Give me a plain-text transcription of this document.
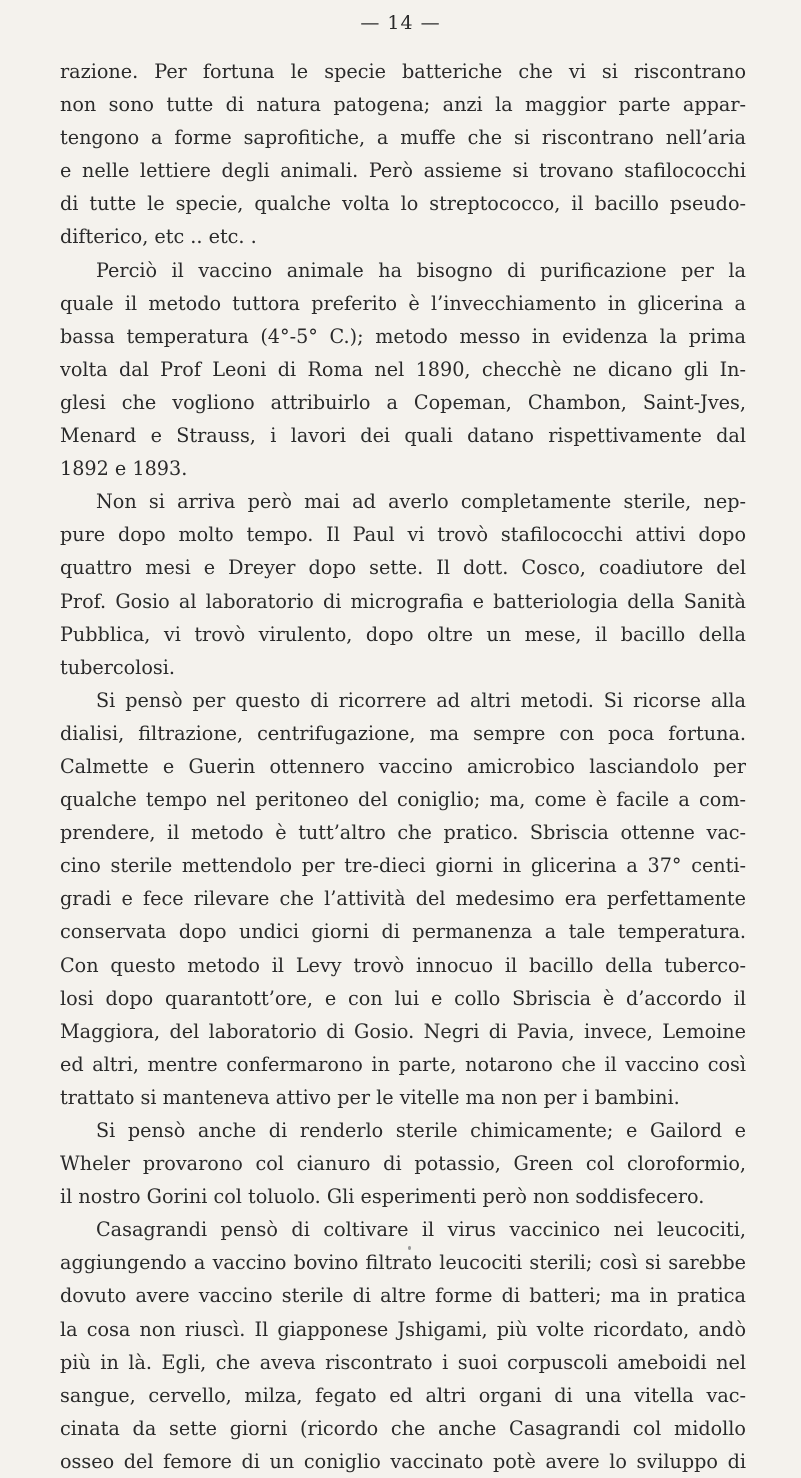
— 14 —
razione. Per fortuna le specie batteriche che vi si riscontrano
non sono tutte di natura patogena; anzi la maggior parte appar-
tengono a forme saprofitiche, a muffe che si riscontrano nell’aria
e nelle lettiere degli animali. Però assieme si trovano stafilococchi
di tutte le specie, qualche volta lo streptococco, il bacillo pseudo-
difterico, etc .. etc. .
Perciò il vaccino animale ha bisogno di purificazione per la
quale il metodo tuttora preferito è l’invecchiamento in glicerina a
bassa temperatura (4°-5° C.); metodo messo in evidenza la prima
volta dal Prof Leoni di Roma nel 1890, checchè ne dicano gli In-
glesi che vogliono attribuirlo a Copeman, Chambon, Saint-Jves,
Menard e Strauss, i lavori dei quali datano rispettivamente dal
1892 e 1893.
Non si arriva però mai ad averlo completamente sterile, nep-
pure dopo molto tempo. Il Paul vi trovò stafilococchi attivi dopo
quattro mesi e Dreyer dopo sette. Il dott. Cosco, coadiutore del
Prof. Gosio al laboratorio di micrografia e batteriologia della Sanità
Pubblica, vi trovò virulento, dopo oltre un mese, il bacillo della
tubercolosi.
Si pensò per questo di ricorrere ad altri metodi. Si ricorse alla
dialisi, filtrazione, centrifugazione, ma sempre con poca fortuna.
Calmette e Guerin ottennero vaccino amicrobico lasciandolo per
qualche tempo nel peritoneo del coniglio; ma, come è facile a com-
prendere, il metodo è tutt’altro che pratico. Sbriscia ottenne vac-
cino sterile mettendolo per tre-dieci giorni in glicerina a 37° centi-
gradi e fece rilevare che l’attività del medesimo era perfettamente
conservata dopo undici giorni di permanenza a tale temperatura.
Con questo metodo il Levy trovò innocuo il bacillo della tuberco-
losi dopo quarantott’ore, e con lui e collo Sbriscia è d’accordo il
Maggiora, del laboratorio di Gosio. Negri di Pavia, invece, Lemoine
ed altri, mentre confermarono in parte, notarono che il vaccino così
trattato si manteneva attivo per le vitelle ma non per i bambini.
Si pensò anche di renderlo sterile chimicamente; e Gailord e
Wheler provarono col cianuro di potassio, Green col cloroformio,
il nostro Gorini col toluolo. Gli esperimenti però non soddisfecero.
Casagrandi pensò di coltivare il virus vaccinico nei leucociti,
aggiungendo a vaccino bovino filtrato leucociti sterili; così si sarebbe
dovuto avere vaccino sterile di altre forme di batteri; ma in pratica
la cosa non riuscì. Il giapponese Jshigami, più volte ricordato, andò
più in là. Egli, che aveva riscontrato i suoi corpuscoli ameboidi nel
sangue, cervello, milza, fegato ed altri organi di una vitella vac-
cinata da sette giorni (ricordo che anche Casagrandi col midollo
osseo del femore di un coniglio vaccinato potè avere lo sviluppo di
